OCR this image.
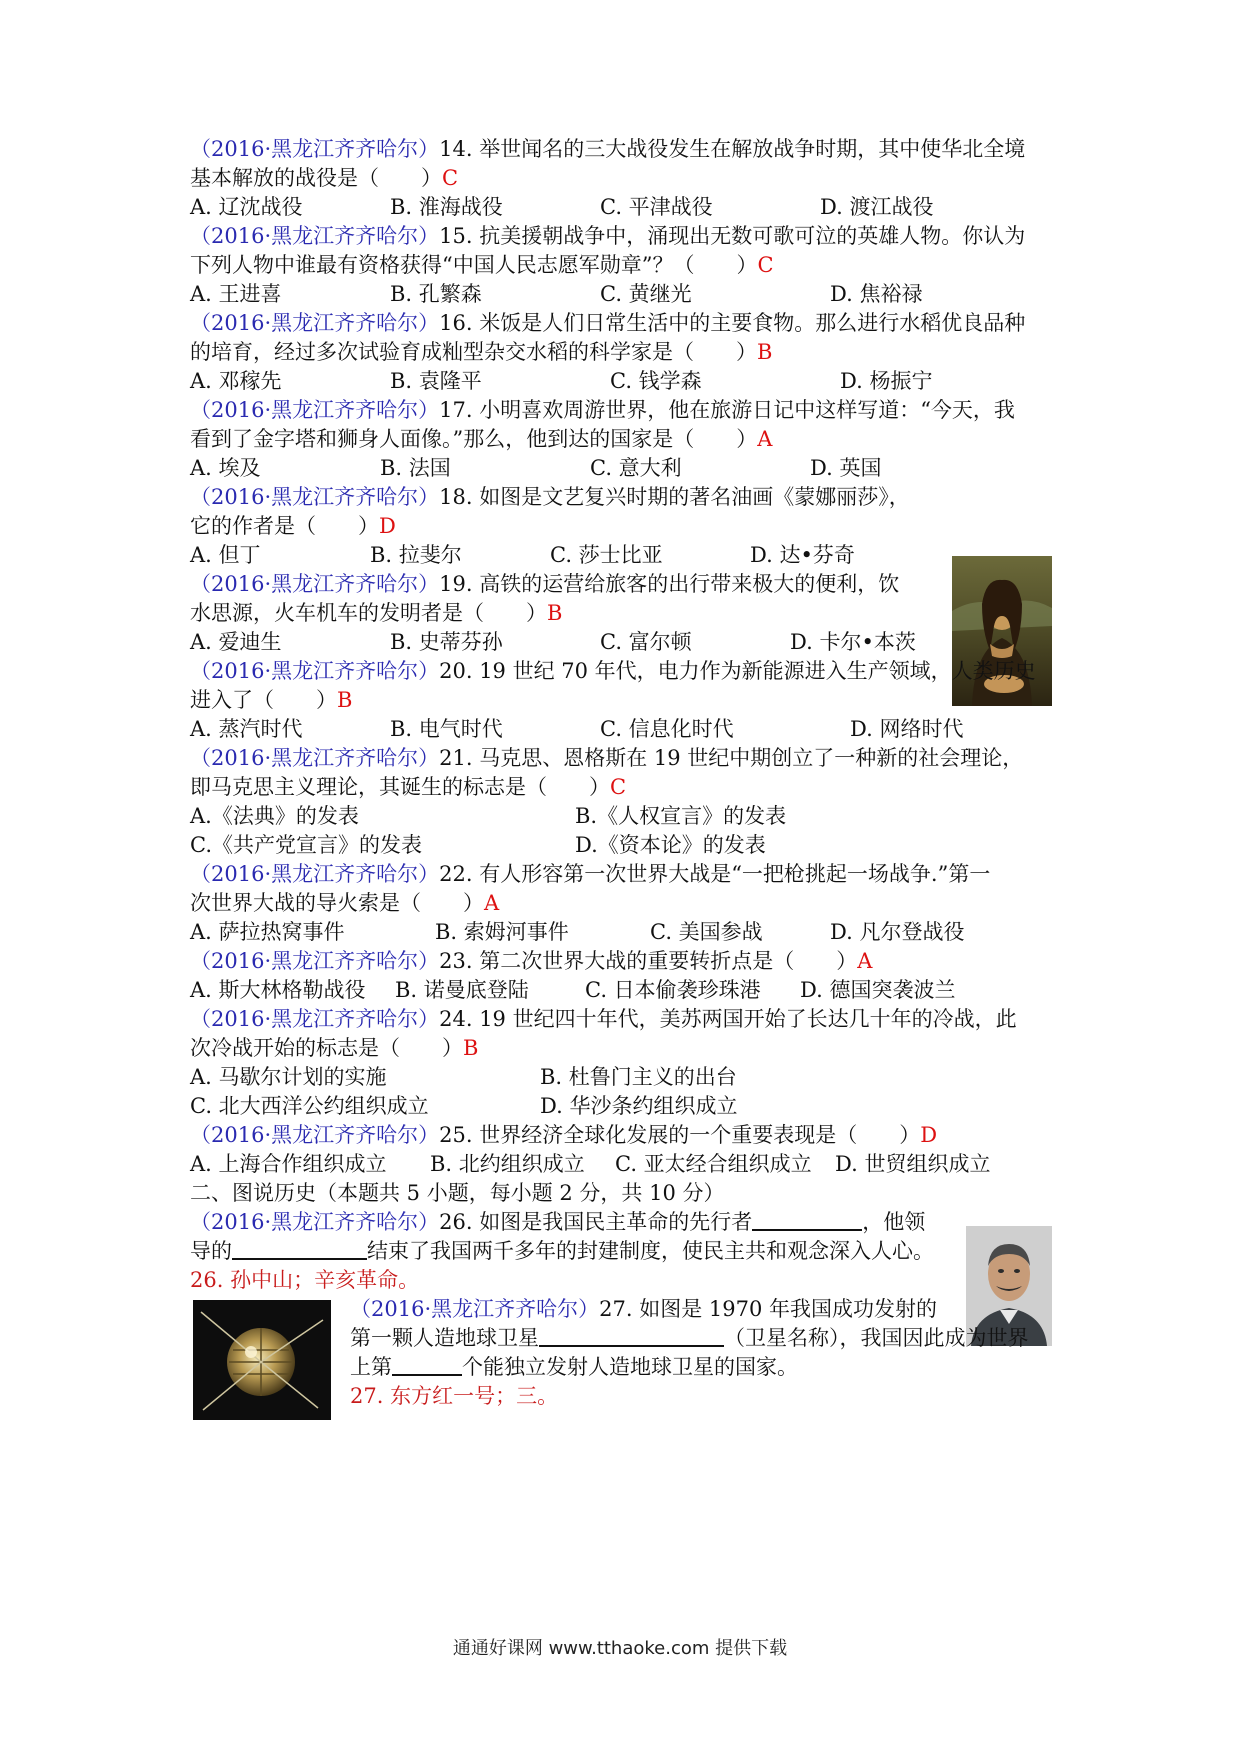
（2016·黑龙江齐齐哈尔）14. 举世闻名的三大战役发生在解放战争时期，其中使华北全境
基本解放的战役是（　　）C
A. 辽沈战役	B. 淮海战役	C. 平津战役	D. 渡江战役
（2016·黑龙江齐齐哈尔）15. 抗美援朝战争中，涌现出无数可歌可泣的英雄人物。你认为
下列人物中谁最有资格获得“中国人民志愿军勋章”？（　　）C
A. 王进喜	B. 孔繁森	C. 黄继光	D. 焦裕禄
（2016·黑龙江齐齐哈尔）16. 米饭是人们日常生活中的主要食物。那么进行水稻优良品种
的培育，经过多次试验育成籼型杂交水稻的科学家是（　　）B
A. 邓稼先	B. 袁隆平	C. 钱学森	D. 杨振宁
（2016·黑龙江齐齐哈尔）17. 小明喜欢周游世界，他在旅游日记中这样写道：“今天，我
看到了金字塔和狮身人面像。”那么，他到达的国家是（　　）A
A. 埃及	B. 法国	C. 意大利	D. 英国
（2016·黑龙江齐齐哈尔）18. 如图是文艺复兴时期的著名油画《蒙娜丽莎》，
它的作者是（　　）D
A. 但丁	B. 拉斐尔	C. 莎士比亚	D. 达•芬奇
（2016·黑龙江齐齐哈尔）19. 高铁的运营给旅客的出行带来极大的便利，饮
水思源，火车机车的发明者是（　　）B
A. 爱迪生	B. 史蒂芬孙	C. 富尔顿	D. 卡尔•本茨
（2016·黑龙江齐齐哈尔）20. 19 世纪 70 年代，电力作为新能源进入生产领域，人类历史
进入了（　　）B
A. 蒸汽时代	B. 电气时代	C. 信息化时代	D. 网络时代
（2016·黑龙江齐齐哈尔）21. 马克思、恩格斯在 19 世纪中期创立了一种新的社会理论，
即马克思主义理论，其诞生的标志是（　　）C
A.《法典》的发表	B.《人权宣言》的发表
C.《共产党宣言》的发表	D.《资本论》的发表
（2016·黑龙江齐齐哈尔）22. 有人形容第一次世界大战是“一把枪挑起一场战争.”第一
次世界大战的导火索是（　　）A
A. 萨拉热窝事件	B. 索姆河事件	C. 美国参战	D. 凡尔登战役
（2016·黑龙江齐齐哈尔）23. 第二次世界大战的重要转折点是（　　）A
A. 斯大林格勒战役 B. 诺曼底登陆	C. 日本偷袭珍珠港 D. 德国突袭波兰
（2016·黑龙江齐齐哈尔）24. 19 世纪四十年代，美苏两国开始了长达几十年的冷战，此
次冷战开始的标志是（　　）B
A. 马歇尔计划的实施	B. 杜鲁门主义的出台
C. 北大西洋公约组织成立	D. 华沙条约组织成立
（2016·黑龙江齐齐哈尔）25. 世界经济全球化发展的一个重要表现是（　　）D
A. 上海合作组织成立 B. 北约组织成立 C. 亚太经合组织成立 D. 世贸组织成立
二、图说历史（本题共 5 小题，每小题 2 分，共 10 分）
（2016·黑龙江齐齐哈尔）26. 如图是我国民主革命的先行者	，他领
导的	结束了我国两千多年的封建制度，使民主共和观念深入人心。
26. 孙中山；辛亥革命。
（2016·黑龙江齐齐哈尔）27. 如图是 1970 年我国成功发射的
第一颗人造地球卫星	（卫星名称），我国因此成为世界
上第	个能独立发射人造地球卫星的国家。
27. 东方红一号；三。
通通好课网 www.tthaoke.com 提供下载
